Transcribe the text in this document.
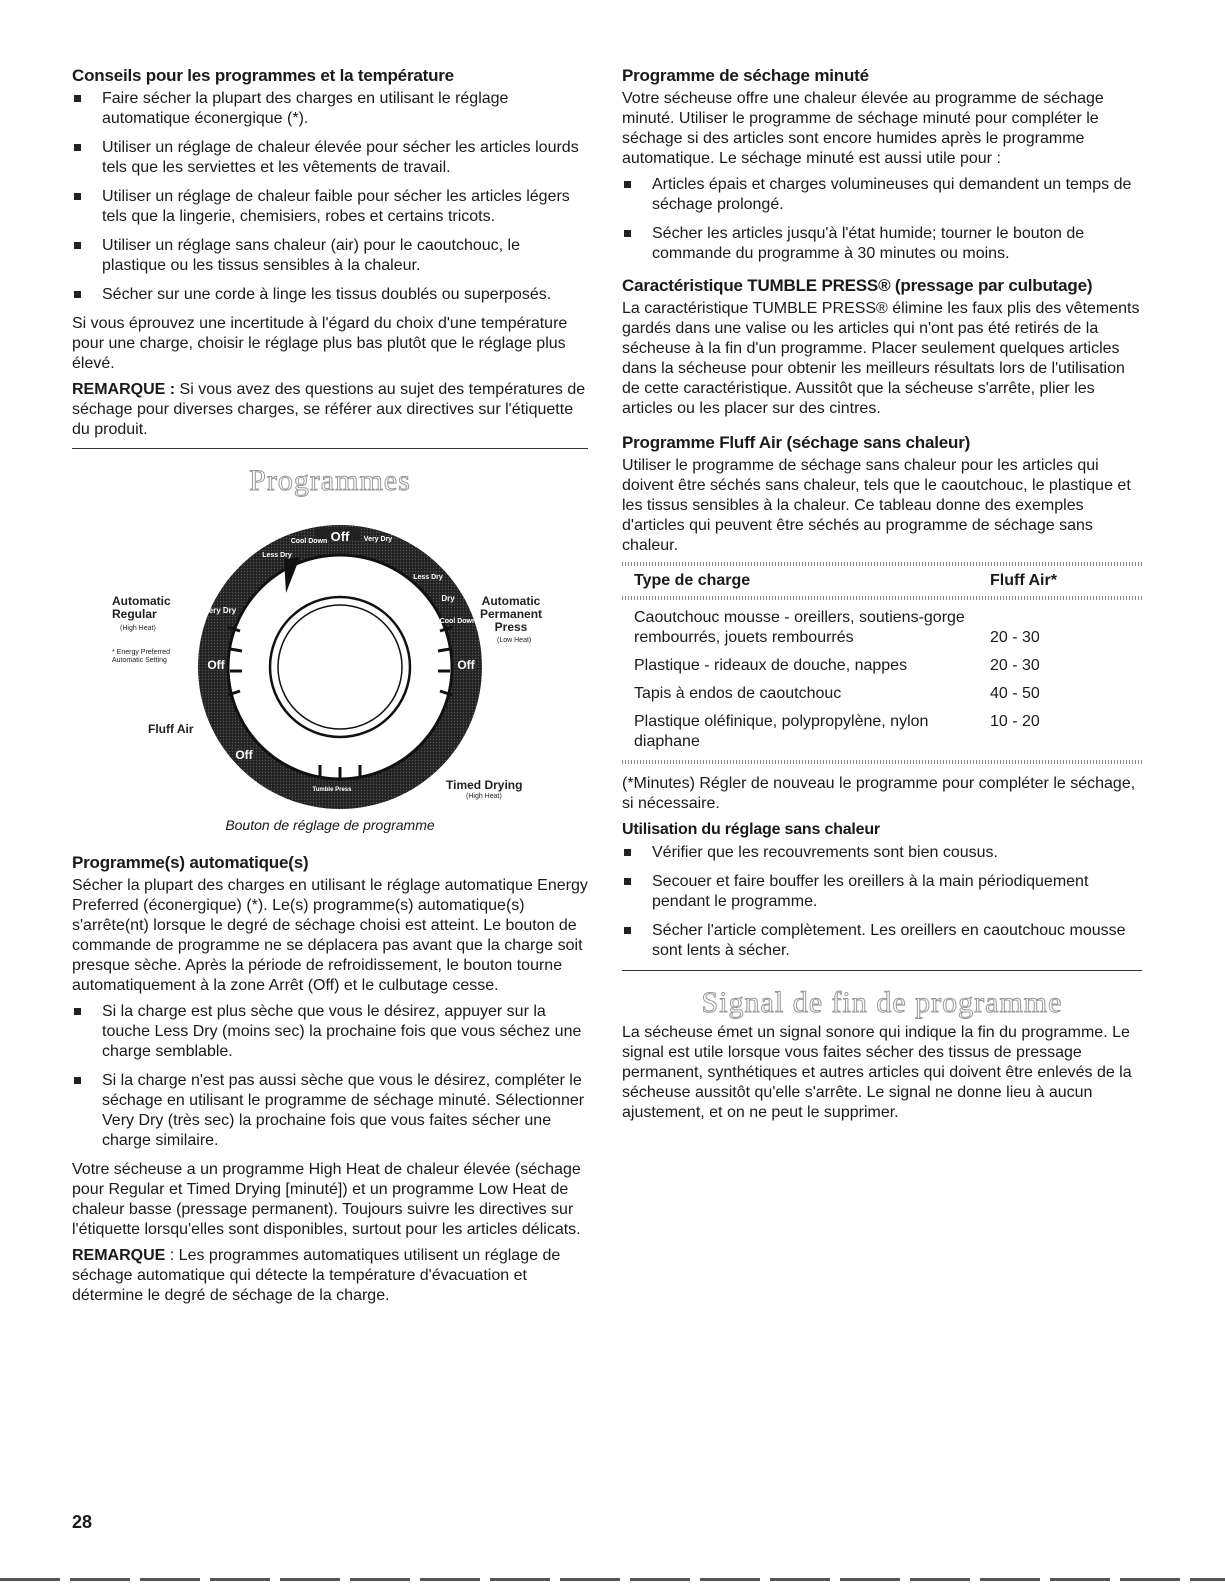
Conseils pour les programmes et la température
Faire sécher la plupart des charges en utilisant le réglage automatique éconergique (*).
Utiliser un réglage de chaleur élevée pour sécher les articles lourds tels que les serviettes et les vêtements de travail.
Utiliser un réglage de chaleur faible pour sécher les articles légers tels que la lingerie, chemisiers, robes et certains tricots.
Utiliser un réglage sans chaleur (air) pour le caoutchouc, le plastique ou les tissus sensibles à la chaleur.
Sécher sur une corde à linge les tissus doublés ou superposés.

Si vous éprouvez une incertitude à l'égard du choix d'une température pour une charge, choisir le réglage plus bas plutôt que le réglage plus élevé.

REMARQUE : Si vous avez des questions au sujet des températures de séchage pour diverses charges, se référer aux directives sur l'étiquette du produit.

Programmes
Off
Cool Down
Less Dry
Very Dry
Less Dry
Dry
Cool Down
Very Dry
Off	Off
Off
Tumble Press
Automatic
Regular
(High Heat)
* Energy Preferred
Automatic Setting
Fluff Air
Automatic
Permanent
Press
(Low Heat)
Timed Drying
(High Heat)
Bouton de réglage de programme
Programme(s) automatique(s)

Sécher la plupart des charges en utilisant le réglage automatique Energy Preferred (éconergique) (*). Le(s) programme(s) automatique(s) s'arrête(nt) lorsque le degré de séchage choisi est atteint. Le bouton de commande de programme ne se déplacera pas avant que la charge soit presque sèche. Après la période de refroidissement, le bouton tourne automatiquement à la zone Arrêt (Off) et le culbutage cesse.

Si la charge est plus sèche que vous le désirez, appuyer sur la touche Less Dry (moins sec) la prochaine fois que vous séchez une charge semblable.
Si la charge n'est pas aussi sèche que vous le désirez, compléter le séchage en utilisant le programme de séchage minuté. Sélectionner Very Dry (très sec) la prochaine fois que vous faites sécher une charge similaire.

Votre sécheuse a un programme High Heat de chaleur élevée (séchage pour Regular et Timed Drying [minuté]) et un programme Low Heat de chaleur basse (pressage permanent). Toujours suivre les directives sur l'étiquette lorsqu'elles sont disponibles, surtout pour les articles délicats.

REMARQUE : Les programmes automatiques utilisent un réglage de séchage automatique qui détecte la température d'évacuation et détermine le degré de séchage de la charge.

Programme de séchage minuté

Votre sécheuse offre une chaleur élevée au programme de séchage minuté. Utiliser le programme de séchage minuté pour compléter le séchage si des articles sont encore humides après le programme automatique. Le séchage minuté est aussi utile pour :

Articles épais et charges volumineuses qui demandent un temps de séchage prolongé.
Sécher les articles jusqu'à l'état humide; tourner le bouton de commande du programme à 30 minutes ou moins.
Caractéristique TUMBLE PRESS® (pressage par culbutage)

La caractéristique TUMBLE PRESS® élimine les faux plis des vêtements gardés dans une valise ou les articles qui n'ont pas été retirés de la sécheuse à la fin d'un programme. Placer seulement quelques articles dans la sécheuse pour obtenir les meilleurs résultats lors de l'utilisation de cette caractéristique. Aussitôt que la sécheuse s'arrête, plier les articles ou les placer sur des cintres.

Programme Fluff Air (séchage sans chaleur)

Utiliser le programme de séchage sans chaleur pour les articles qui doivent être séchés sans chaleur, tels que le caoutchouc, le plastique et les tissus sensibles à la chaleur. Ce tableau donne des exemples d'articles qui peuvent être séchés au programme de séchage sans chaleur.

Type de charge	Fluff Air*

Caoutchouc mousse - oreillers, soutiens-gorge rembourrés, jouets rembourrés	20 - 30
Plastique - rideaux de douche, nappes	20 - 30
Tapis à endos de caoutchouc	40 - 50
Plastique oléfinique, polypropylène, nylon diaphane	10 - 20

(*Minutes) Régler de nouveau le programme pour compléter le séchage, si nécessaire.

Utilisation du réglage sans chaleur
Vérifier que les recouvrements sont bien cousus.
Secouer et faire bouffer les oreillers à la main périodiquement pendant le programme.
Sécher l'article complètement. Les oreillers en caoutchouc mousse sont lents à sécher.
Signal de fin de programme

La sécheuse émet un signal sonore qui indique la fin du programme. Le signal est utile lorsque vous faites sécher des tissus de pressage permanent, synthétiques et autres articles qui doivent être enlevés de la sécheuse aussitôt qu'elle s'arrête. Le signal ne donne lieu à aucun ajustement, et on ne peut le supprimer.

28
